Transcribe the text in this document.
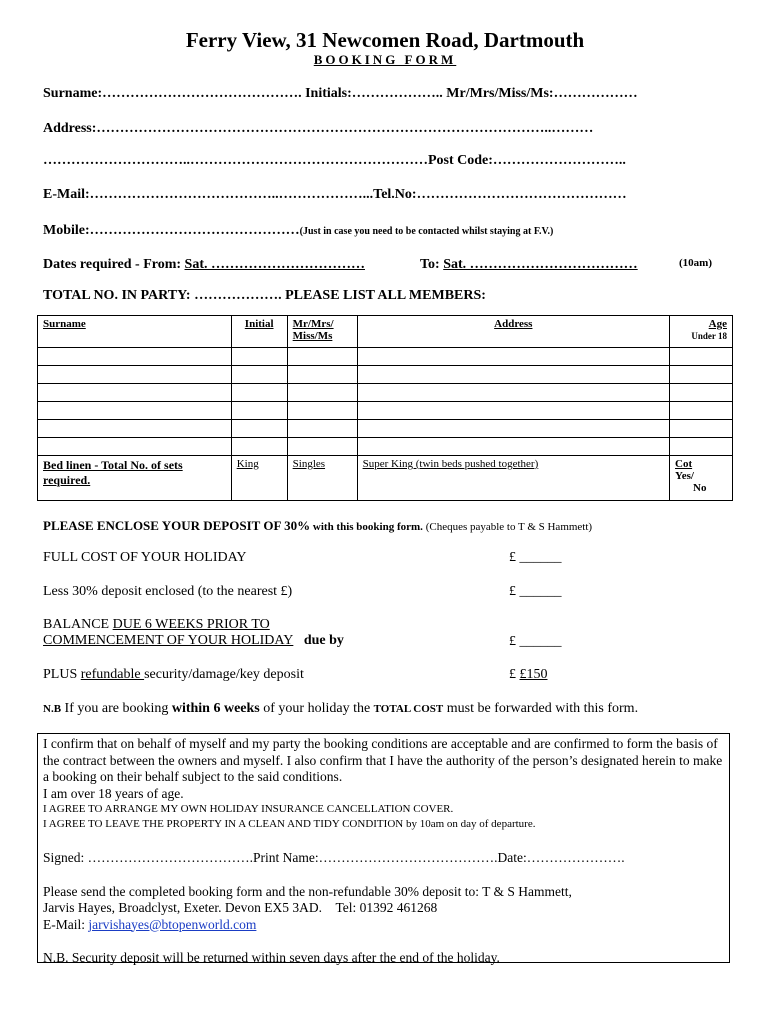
Ferry View, 31 Newcomen Road, Dartmouth
BOOKING FORM
Surname:……………………………………. Initials:……………….. Mr/Mrs/Miss/Ms:………………
Address:……………………………………………………………………………………..………
…………………………..……………………………………………Post Code:………………………..
E-Mail:…………………………………..………………...Tel.No:………………………………………
Mobile:………………………………………(Just in case you need to be contacted whilst staying at F.V.)
Dates required - From: Sat. ……………………………	To: Sat. ………………………………	(10am)
TOTAL NO. IN PARTY: ………………. PLEASE LIST ALL MEMBERS:
Surname	Initial	Mr/Mrs/ Miss/Ms	Address	Age
Under 18

Bed linen - Total No. of sets required.	King	Singles	Super King (twin beds pushed together)	Cot
Yes/
No
PLEASE ENCLOSE YOUR DEPOSIT OF 30% with this booking form. (Cheques payable to T & S Hammett)
FULL COST OF YOUR HOLIDAY	£ ______
Less 30% deposit enclosed (to the nearest £)	£ ______
BALANCE DUE 6 WEEKS PRIOR TO
COMMENCEMENT OF YOUR HOLIDAY due by	£ ______
PLUS refundable security/damage/key deposit	£ £150
N.B If you are booking within 6 weeks of your holiday the TOTAL COST must be forwarded with this form.
I confirm that on behalf of myself and my party the booking conditions are acceptable and are confirmed to form the basis of the contract between the owners and myself. I also confirm that I have the authority of the person’s designated herein to make a booking on their behalf subject to the said conditions.
I am over 18 years of age.
I AGREE TO ARRANGE MY OWN HOLIDAY INSURANCE CANCELLATION COVER.
I AGREE TO LEAVE THE PROPERTY IN A CLEAN AND TIDY CONDITION by 10am on day of departure.
Signed: ……………………………….Print Name:………………………………….Date:………………….
Please send the completed booking form and the non-refundable 30% deposit to: T & S Hammett,
Jarvis Hayes, Broadclyst, Exeter. Devon EX5 3AD. Tel: 01392 461268
E-Mail: jarvishayes@btopenworld.com
N.B. Security deposit will be returned within seven days after the end of the holiday.
